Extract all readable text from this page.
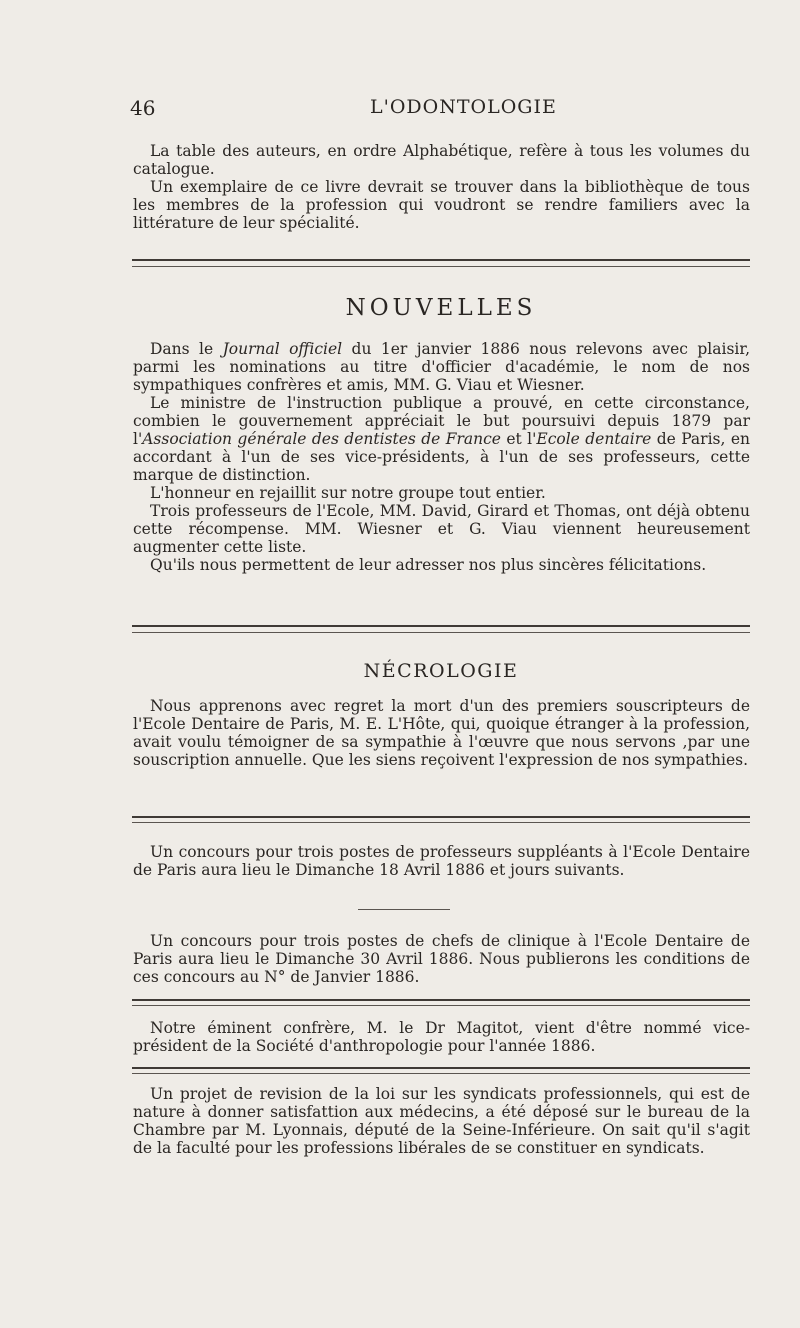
46	L'ODONTOLOGIE

La table des auteurs, en ordre Alphabétique, refère à tous les volumes du catalogue.

Un exemplaire de ce livre devrait se trouver dans la bibliothèque de tous les membres de la profession qui voudront se rendre familiers avec la littérature de leur spécialité.

NOUVELLES

Dans le Journal officiel du 1er janvier 1886 nous relevons avec plaisir, parmi les nominations au titre d'officier d'académie, le nom de nos sympathiques confrères et amis, MM. G. Viau et Wiesner.

Le ministre de l'instruction publique a prouvé, en cette circonstance, combien le gouvernement appréciait le but poursuivi depuis 1879 par l'Association générale des dentistes de France et l'Ecole dentaire de Paris, en accordant à l'un de ses vice-présidents, à l'un de ses professeurs, cette marque de distinction.

L'honneur en rejaillit sur notre groupe tout entier.

Trois professeurs de l'Ecole, MM. David, Girard et Thomas, ont déjà obtenu cette récompense. MM. Wiesner et G. Viau viennent heureusement augmenter cette liste.

Qu'ils nous permettent de leur adresser nos plus sincères félicitations.

NÉCROLOGIE

Nous apprenons avec regret la mort d'un des premiers souscripteurs de l'Ecole Dentaire de Paris, M. E. L'Hôte, qui, quoique étranger à la profession, avait voulu témoigner de sa sympathie à l'œuvre que nous servons ,par une souscription annuelle. Que les siens reçoivent l'expression de nos sympathies.

Un concours pour trois postes de professeurs suppléants à l'Ecole Dentaire de Paris aura lieu le Dimanche 18 Avril 1886 et jours suivants.

Un concours pour trois postes de chefs de clinique à l'Ecole Dentaire de Paris aura lieu le Dimanche 30 Avril 1886. Nous publierons les conditions de ces concours au N° de Janvier 1886.

Notre éminent confrère, M. le Dr Magitot, vient d'être nommé vice-président de la Société d'anthropologie pour l'année 1886.

Un projet de revision de la loi sur les syndicats professionnels, qui est de nature à donner satisfattion aux médecins, a été déposé sur le bureau de la Chambre par M. Lyonnais, député de la Seine-Inférieure. On sait qu'il s'agit de la faculté pour les professions libérales de se constituer en syndicats.
